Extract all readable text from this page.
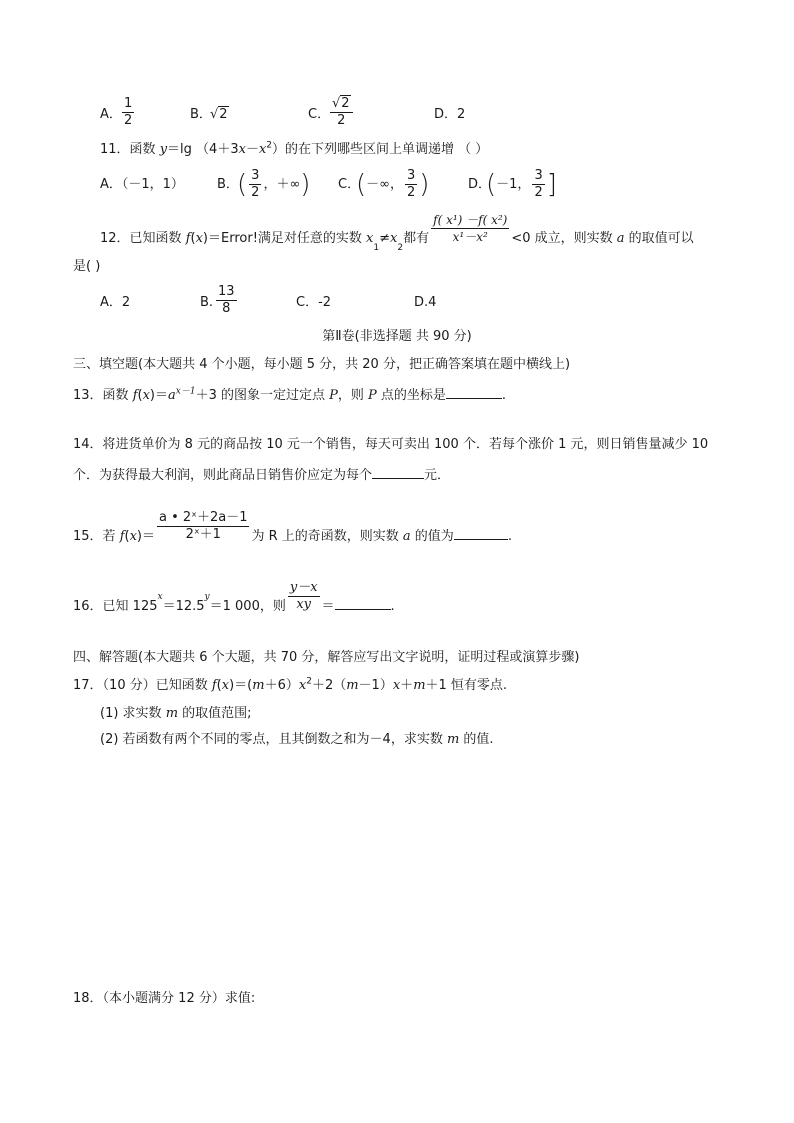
A． $\frac{1}{2}$	B．
√2	C． $\frac{√2}{2}$	D．2
11．函数 y＝lg $(4+3x-x^2)$的在下列哪些区间上单调递增 （ ）
A．（－1，1）	B．
( $\frac{3}{2}$ ，＋∞) C．
(－∞， $\frac{3}{2}$ )	D．
(－1， $\frac{3}{2}$ ]
12．已知函数 f(x)＝Error!满足对任意的实数 $x_1\ne x_2$都有 $\frac{\text{f( x¹) －f( x²)}}{\text{x¹－x²}} <0$ 成立，则实数 a 的取值可以
是( )
A．2	B. $\frac{13}{8}$	C．-2	D.4
第Ⅱ卷(非选择题 共 90 分)
三、填空题(本大题共 4 个小题，每小题 5 分，共 20 分，把正确答案填在题中横线上)
13．函数 $f(x)=a^{x-1}+3$ 的图象一定过定点 P，则 P 点的坐标是	.
14．将进货单价为 8 元的商品按 10 元一个销售，每天可卖出 100 个．若每个涨价 1 元，则日销售量减少 10
个．为获得最大利润，则此商品日销售价应定为每个	元．
15．若 $f(x)= \frac{\text{a • 2ˣ＋2a－1}}{\text{2ˣ＋1}}$ 为 R 上的奇函数，则实数 a 的值为	.
16．已知 $125^x=12.5^y=1$ 000，则 $\frac{y-x}{xy}$ ＝	.
四、解答题(本大题共 6 个大题，共 70 分，解答应写出文字说明，证明过程或演算步骤)
17．（10 分）已知函数 $f(x)=(m+6)x^2+2(m-1)x+m+1$ 恒有零点.
(1) 求实数 m 的取值范围;
(2) 若函数有两个不同的零点，且其倒数之和为－4，求实数 m 的值.
18．（本小题满分 12 分）求值:
